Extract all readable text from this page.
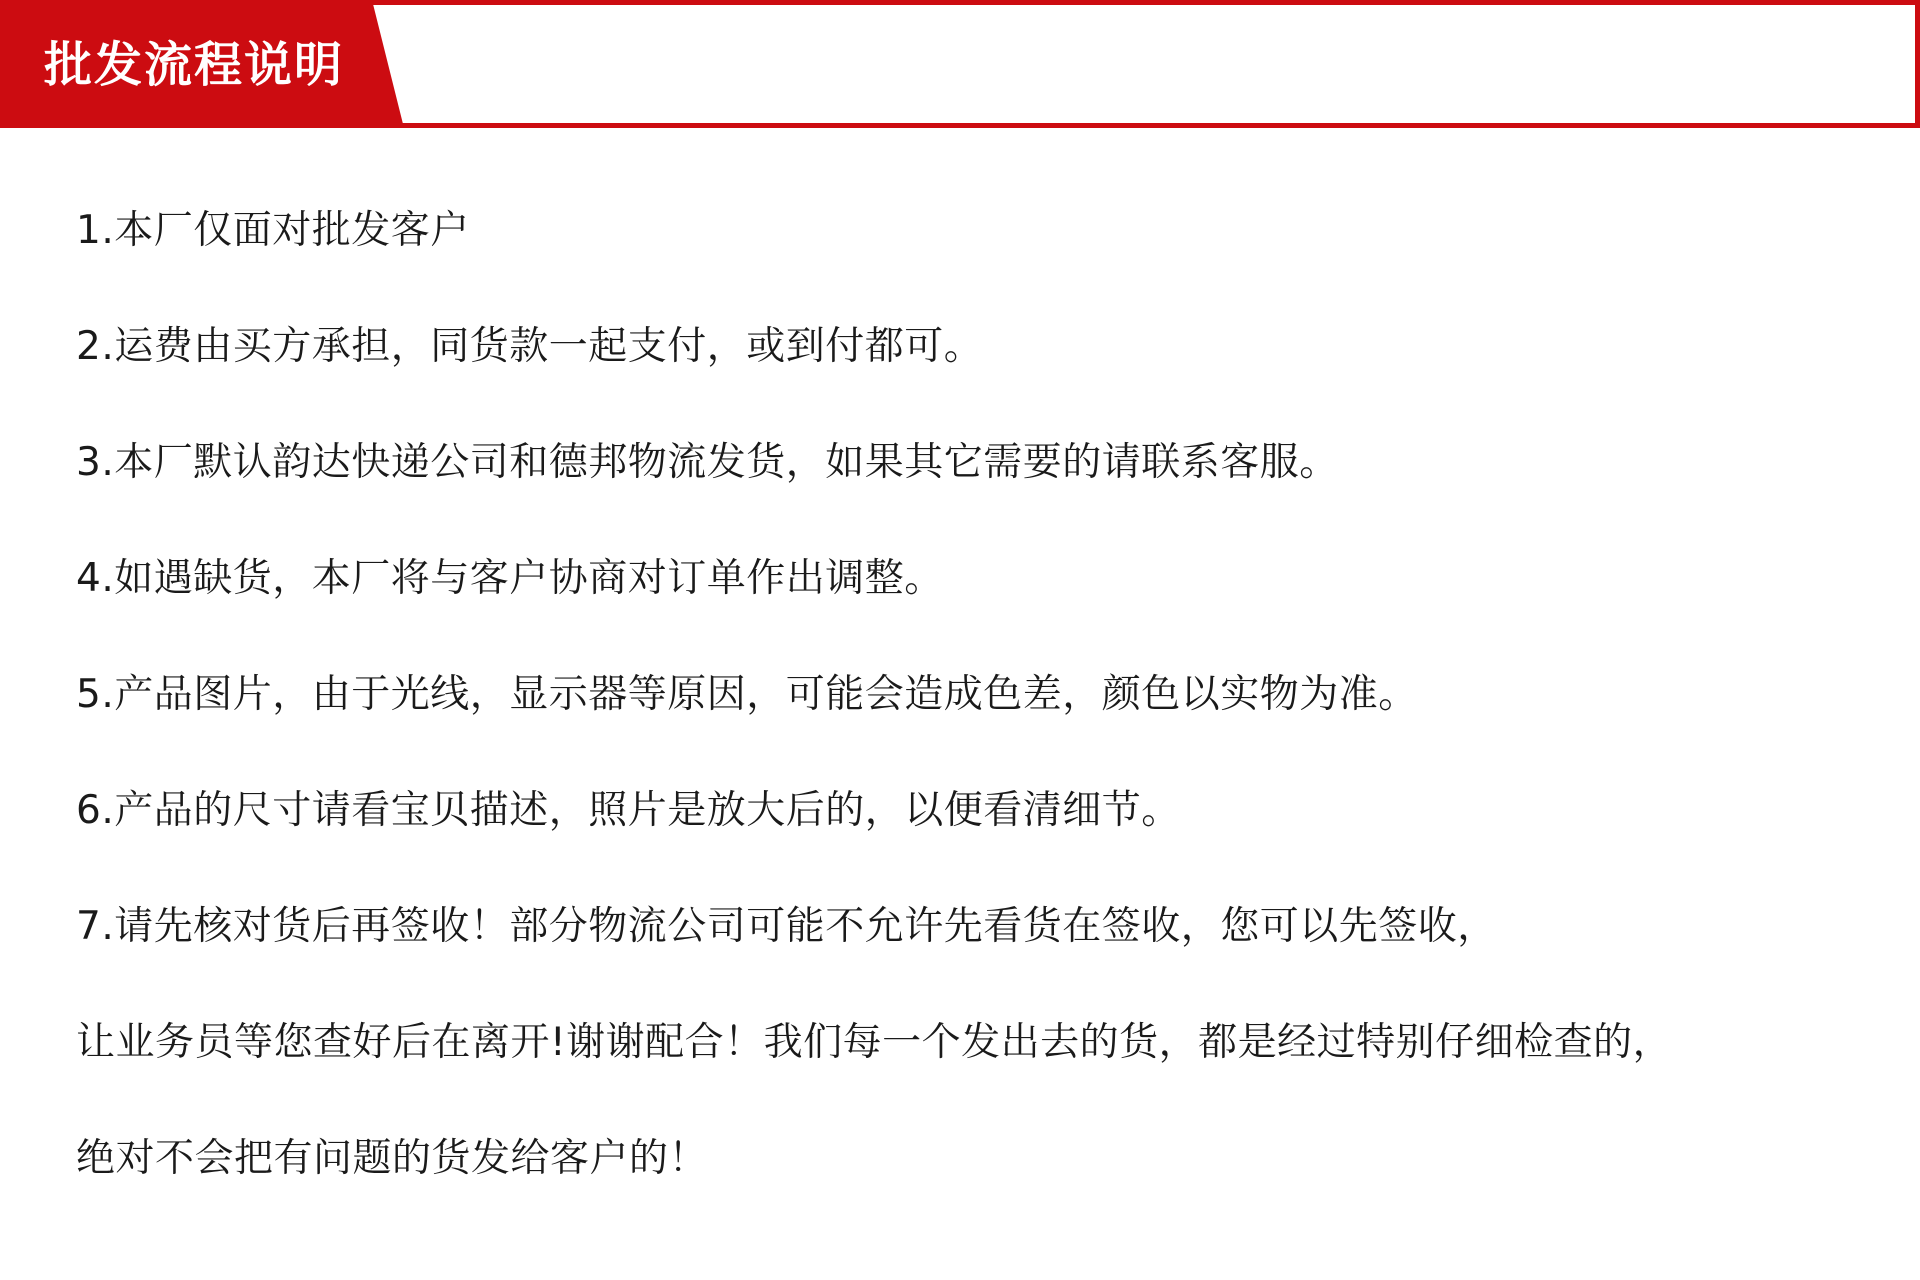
批发流程说明
1.本厂仅面对批发客户
2.运费由买方承担，同货款一起支付，或到付都可。
3.本厂默认韵达快递公司和德邦物流发货，如果其它需要的请联系客服。
4.如遇缺货，本厂将与客户协商对订单作出调整。
5.产品图片，由于光线，显示器等原因，可能会造成色差，颜色以实物为准。
6.产品的尺寸请看宝贝描述，照片是放大后的，以便看清细节。
7.请先核对货后再签收！部分物流公司可能不允许先看货在签收，您可以先签收，
让业务员等您查好后在离开!谢谢配合！我们每一个发出去的货，都是经过特别仔细检查的，
绝对不会把有问题的货发给客户的！
